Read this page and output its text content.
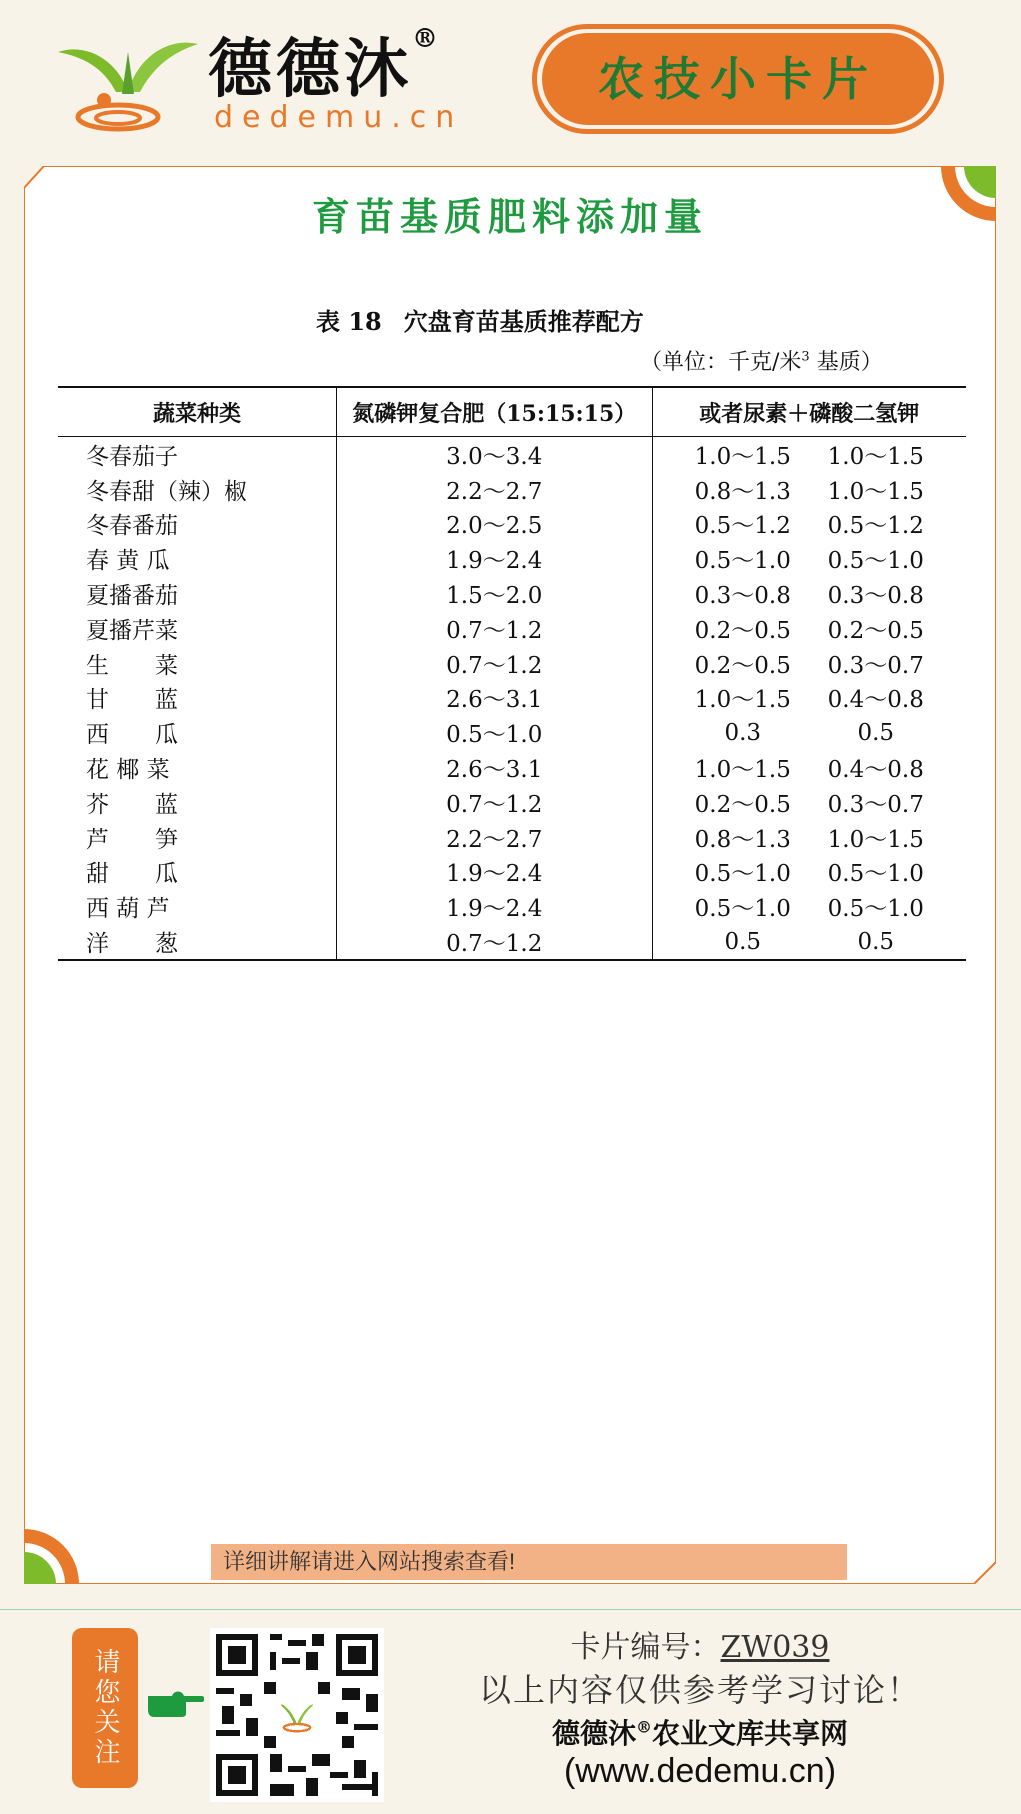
德德沐®
dedemu.cn
农技小卡片
育苗基质肥料添加量
表 18 穴盘育苗基质推荐配方
（单位：千克/米$^3$ 基质）
蔬菜种类	氮磷钾复合肥（15:15:15）	或者尿素＋磷酸二氢钾
冬春茄子	3.0～3.4	1.0～1.5 1.0～1.5

冬春甜（辣）椒	2.2～2.7	0.8～1.3 1.0～1.5

冬春番茄	2.0～2.5	0.5～1.2 0.5～1.2

春 黄 瓜	1.9～2.4	0.5～1.0 0.5～1.0

夏播番茄	1.5～2.0	0.3～0.8 0.3～0.8

夏播芹菜	0.7～1.2	0.2～0.5 0.2～0.5

生　　菜	0.7～1.2	0.2～0.5 0.3～0.7

甘　　蓝	2.6～3.1	1.0～1.5 0.4～0.8

西　　瓜	0.5～1.0	0.3 0.5

花 椰 菜	2.6～3.1	1.0～1.5 0.4～0.8

芥　　蓝	0.7～1.2	0.2～0.5 0.3～0.7

芦　　笋	2.2～2.7	0.8～1.3 1.0～1.5

甜　　瓜	1.9～2.4	0.5～1.0 0.5～1.0

西 葫 芦	1.9～2.4	0.5～1.0 0.5～1.0

洋　　葱	0.7～1.2	0.5 0.5
详细讲解请进入网站搜索查看!
请您关注
卡片编号：ZW039
以上内容仅供参考学习讨论！
德德沐®农业文库共享网
(www.dedemu.cn)
